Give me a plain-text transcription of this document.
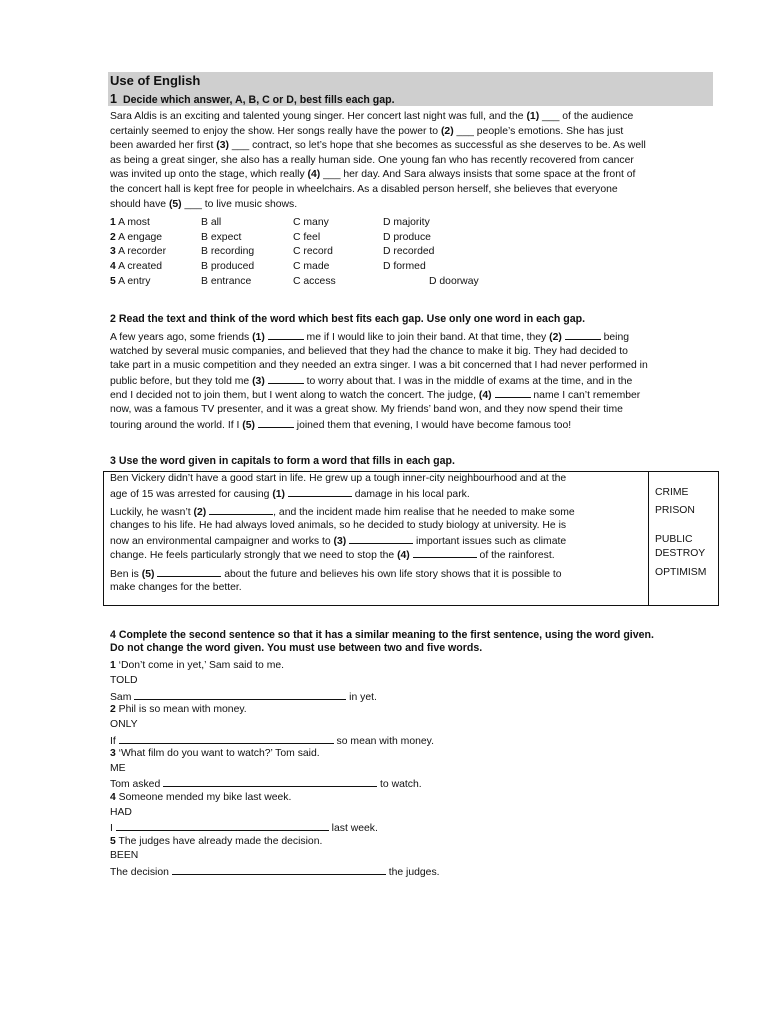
Use of English
1 Decide which answer, A, B, C or D, best fills each gap.
Sara Aldis is an exciting and talented young singer. Her concert last night was full, and the (1) ___ of the audience
certainly seemed to enjoy the show. Her songs really have the power to (2) ___ people’s emotions. She has just
been awarded her first (3) ___ contract, so let’s hope that she becomes as successful as she deserves to be. As well
as being a great singer, she also has a really human side. One young fan who has recently recovered from cancer
was invited up onto the stage, which really (4) ___ her day. And Sara always insists that some space at the front of
the concert hall is kept free for people in wheelchairs. As a disabled person herself, she believes that everyone
should have (5) ___ to live music shows.
1 A most	B all	C many	D majority
2 A engage	B expect	C feel	D produce
3 A recorder	B recording	C record	D recorded
4 A created	B produced	C made	D formed
5 A entry	B entrance	C access	D doorway
2 Read the text and think of the word which best fits each gap. Use only one word in each gap.
A few years ago, some friends (1)	me if I would like to join their band. At that time, they (2)	being
watched by several music companies, and believed that they had the chance to make it big. They had decided to
take part in a music competition and they needed an extra singer. I was a bit concerned that I had never performed in
public before, but they told me (3)	to worry about that. I was in the middle of exams at the time, and in the
end I decided not to join them, but I went along to watch the concert. The judge, (4)	name I can’t remember
now, was a famous TV presenter, and it was a great show. My friends’ band won, and they now spend their time
touring around the world. If I (5)	joined them that evening, I would have become famous too!
3 Use the word given in capitals to form a word that fills in each gap.
Ben Vickery didn’t have a good start in life. He grew up a tough inner-city neighbourhood and at the
age of 15 was arrested for causing (1)	damage in his local park.
Luckily, he wasn’t (2)	, and the incident made him realise that he needed to make some
changes to his life. He had always loved animals, so he decided to study biology at university. He is
now an environmental campaigner and works to (3)	important issues such as climate
change. He feels particularly strongly that we need to stop the (4)	of the rainforest.
Ben is (5)	about the future and believes his own life story shows that it is possible to
make changes for the better.
CRIME
PRISON
PUBLIC
DESTROY
OPTIMISM
4 Complete the second sentence so that it has a similar meaning to the first sentence, using the word given.
Do not change the word given. You must use between two and five words.
1 ‘Don’t come in yet,’ Sam said to me.
TOLD
Sam	in yet.
2 Phil is so mean with money.
ONLY
If	so mean with money.
3 ‘What film do you want to watch?’ Tom said.
ME
Tom asked	to watch.
4 Someone mended my bike last week.
HAD
I	last week.
5 The judges have already made the decision.
BEEN
The decision	the judges.
